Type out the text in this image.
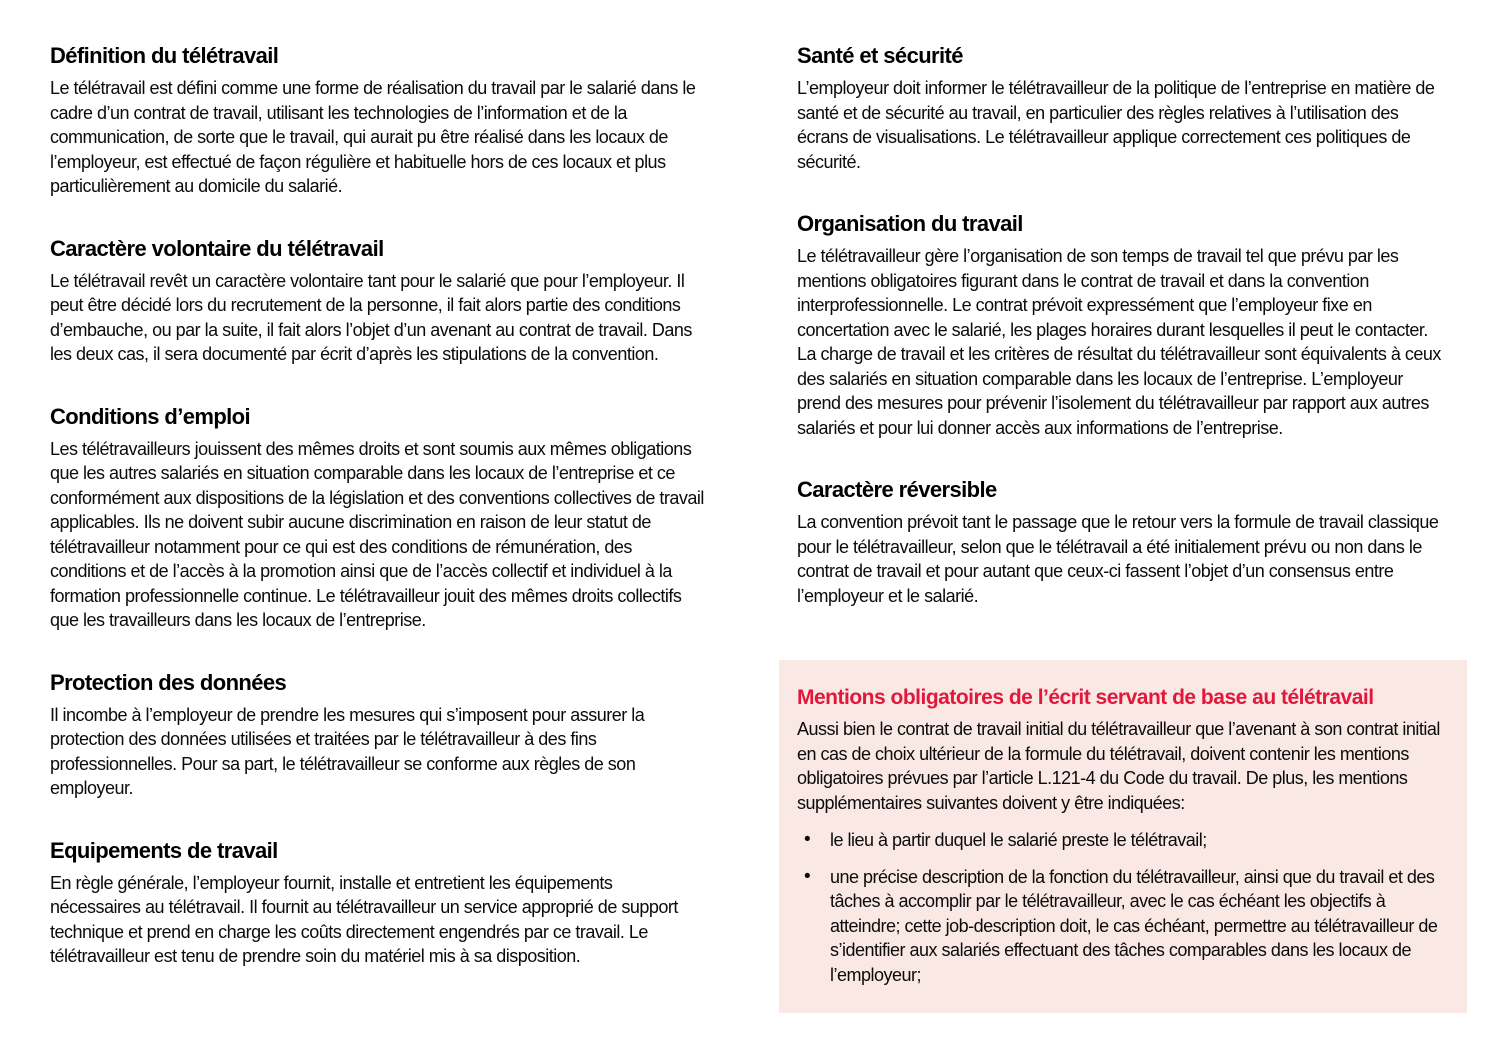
Définition du télétravail

Le télétravail est défini comme une forme de réalisation du travail par le salarié dans le cadre d’un contrat de travail, utilisant les technologies de l’information et de la communication, de sorte que le travail, qui aurait pu être réalisé dans les locaux de l’employeur, est effectué de façon régulière et habituelle hors de ces locaux et plus particulièrement au domicile du salarié.

Caractère volontaire du télétravail

Le télétravail revêt un caractère volontaire tant pour le salarié que pour l’employeur. Il peut être décidé lors du recrutement de la personne, il fait alors partie des conditions d’embauche, ou par la suite, il fait alors l’objet d’un avenant au contrat de travail. Dans les deux cas, il sera documenté par écrit d’après les stipulations de la convention.

Conditions d’emploi

Les télétravailleurs jouissent des mêmes droits et sont soumis aux mêmes obligations que les autres salariés en situation comparable dans les locaux de l’entreprise et ce conformément aux dispositions de la législation et des conventions collectives de travail applicables. Ils ne doivent subir aucune discrimination en raison de leur statut de télétravailleur notamment pour ce qui est des conditions de rémunération, des conditions et de l’accès à la promotion ainsi que de l’accès collectif et individuel à la formation professionnelle continue. Le télétravailleur jouit des mêmes droits collectifs que les travailleurs dans les locaux de l’entreprise.

Protection des données

Il incombe à l’employeur de prendre les mesures qui s’imposent pour assurer la protection des données utilisées et traitées par le télétravailleur à des fins professionnelles. Pour sa part, le télétravailleur se conforme aux règles de son employeur.

Equipements de travail

En règle générale, l’employeur fournit, installe et entretient les équipements nécessaires au télétravail. Il fournit au télétravailleur un service approprié de support technique et prend en charge les coûts directement engendrés par ce travail. Le télétravailleur est tenu de prendre soin du matériel mis à sa disposition.

Santé et sécurité

L’employeur doit informer le télétravailleur de la politique de l’entreprise en matière de santé et de sécurité au travail, en particulier des règles relatives à l’utilisation des écrans de visualisations. Le télétravailleur applique correctement ces politiques de sécurité.

Organisation du travail

Le télétravailleur gère l’organisation de son temps de travail tel que prévu par les mentions obligatoires figurant dans le contrat de travail et dans la convention interprofessionnelle. Le contrat prévoit expressément que l’employeur fixe en concertation avec le salarié, les plages horaires durant lesquelles il peut le contacter. La charge de travail et les critères de résultat du télétravailleur sont équivalents à ceux des salariés en situation comparable dans les locaux de l’entreprise. L’employeur prend des mesures pour prévenir l’isolement du télétravailleur par rapport aux autres salariés et pour lui donner accès aux informations de l’entreprise.

Caractère réversible

La convention prévoit tant le passage que le retour vers la formule de travail classique pour le télétravailleur, selon que le télétravail a été initialement prévu ou non dans le contrat de travail et pour autant que ceux-ci fassent l’objet d’un consensus entre l’employeur et le salarié.

Mentions obligatoires de l’écrit servant de base au télétravail

Aussi bien le contrat de travail initial du télétravailleur que l’avenant à son contrat initial en cas de choix ultérieur de la formule du télétravail, doivent contenir les mentions obligatoires prévues par l’article L.121-4 du Code du travail. De plus, les mentions supplémentaires suivantes doivent y être indiquées:

• le lieu à partir duquel le salarié preste le télétravail;
• une précise description de la fonction du télétravailleur, ainsi que du travail et des tâches à accomplir par le télétravailleur, avec le cas échéant les objectifs à atteindre; cette job-description doit, le cas échéant, permettre au télétravailleur de s’identifier aux salariés effectuant des tâches comparables dans les locaux de l’employeur;
